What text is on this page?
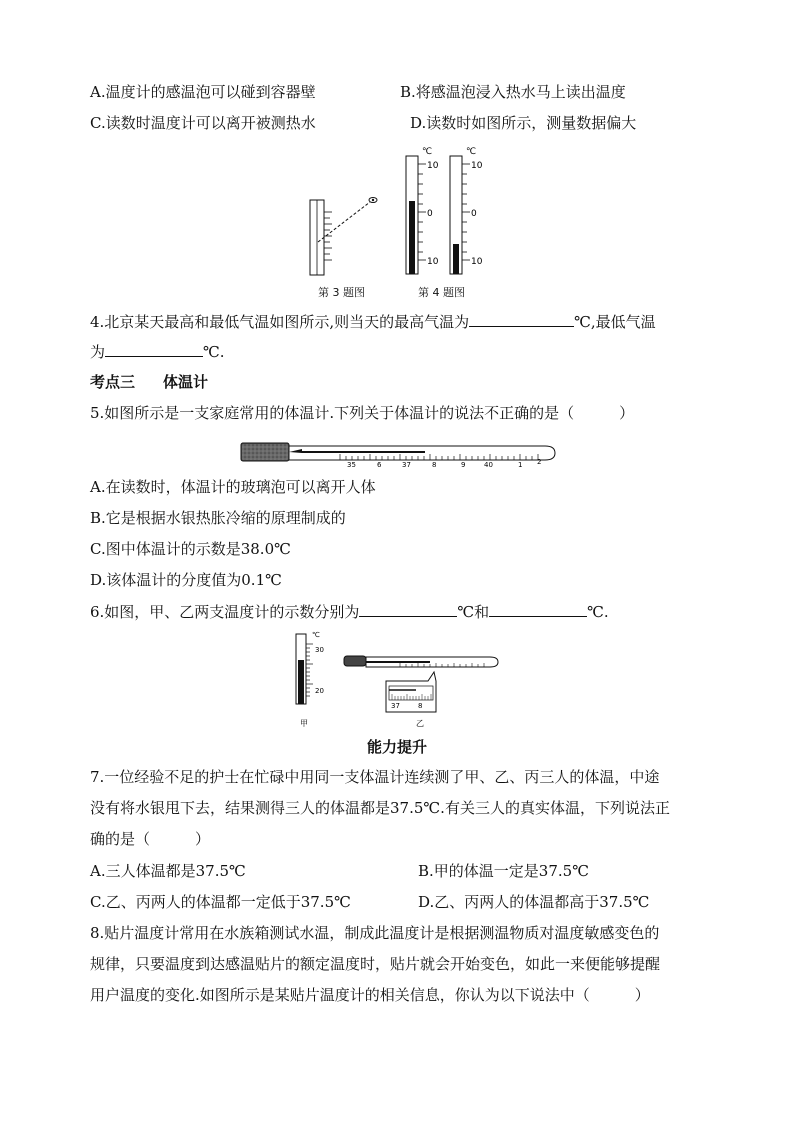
A.温度计的感温泡可以碰到容器壁	B.将感温泡浸入热水马上读出温度
C.读数时温度计可以离开被测热水	D.读数时如图所示，测量数据偏大
℃
10
0
10
℃
10
0
10
第 3 题图	第 4 题图
4.北京某天最高和最低气温如图所示,则当天的最高气温为	℃,最低气温
为	℃.
考点三 体温计
5.如图所示是一支家庭常用的体温计.下列关于体温计的说法不正确的是（　　　）
35	6	37	8	9	40	1 2
A.在读数时，体温计的玻璃泡可以离开人体
B.它是根据水银热胀冷缩的原理制成的
C.图中体温计的示数是38.0℃
D.该体温计的分度值为0.1℃
6.如图，甲、乙两支温度计的示数分别为	℃和	℃.
℃
30
20
37	8
甲	乙
能力提升
7.一位经验不足的护士在忙碌中用同一支体温计连续测了甲、乙、丙三人的体温，中途
没有将水银甩下去，结果测得三人的体温都是37.5℃.有关三人的真实体温，下列说法正
确的是（　　　）
A.三人体温都是37.5℃	B.甲的体温一定是37.5℃
C.乙、丙两人的体温都一定低于37.5℃	D.乙、丙两人的体温都高于37.5℃
8.贴片温度计常用在水族箱测试水温，制成此温度计是根据测温物质对温度敏感变色的
规律，只要温度到达感温贴片的额定温度时，贴片就会开始变色，如此一来便能够提醒
用户温度的变化.如图所示是某贴片温度计的相关信息，你认为以下说法中（　　　）
